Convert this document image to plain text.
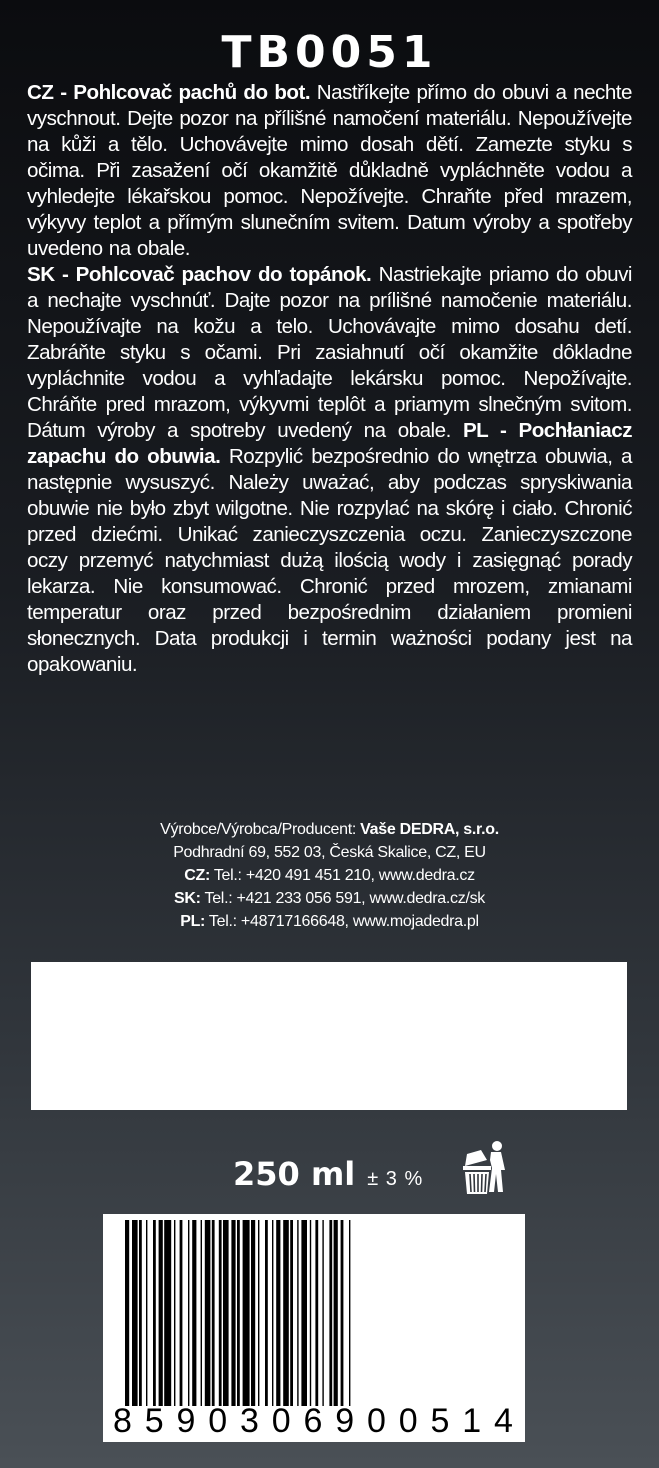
TB0051
CZ - Pohlcovač pachů do bot. Nastříkejte přímo do obuvi a nechte vyschnout. Dejte pozor na přílišné namočení materiálu. Nepoužívejte na kůži a tělo. Uchovávejte mimo dosah dětí. Zamezte styku s očima. Při zasažení očí okamžitě důkladně vypláchněte vodou a vyhledejte lékařskou pomoc. Nepožívejte. Chraňte před mrazem, výkyvy teplot a přímým slunečním svitem. Datum výroby a spotřeby uvedeno na obale.
SK - Pohlcovač pachov do topánok. Nastriekajte priamo do obuvi a nechajte vyschnúť. Dajte pozor na prílišné namočenie materiálu. Nepoužívajte na kožu a telo. Uchovávajte mimo dosahu detí. Zabráňte styku s očami. Pri zasiahnutí očí okamžite dôkladne vypláchnite vodou a vyhľadajte lekársku pomoc. Nepožívajte. Chráňte pred mrazom, výkyvmi teplôt a priamym slnečným svitom. Dátum výroby a spotreby uvedený na obale. PL - Pochłaniacz zapachu do obuwia. Rozpylić bezpośrednio do wnętrza obuwia, a następnie wysuszyć. Należy uważać, aby podczas spryskiwania obuwie nie było zbyt wilgotne. Nie rozpylać na skórę i ciało. Chronić przed dziećmi. Unikać zanieczyszczenia oczu. Zanieczyszczone oczy przemyć natychmiast dużą ilością wody i zasięgnąć porady lekarza. Nie konsumować. Chronić przed mrozem, zmianami temperatur oraz przed bezpośrednim działaniem promieni słonecznych. Data produkcji i termin ważności podany jest na opakowaniu.
Výrobce/Výrobca/Producent: Vaše DEDRA, s.r.o.
Podhradní 69, 552 03, Česká Skalice, CZ, EU
CZ: Tel.: +420 491 451 210, www.dedra.cz
SK: Tel.: +421 233 056 591, www.dedra.cz/sk
PL: Tel.: +48717166648, www.mojadedra.pl
250 ml ± 3 %
8 5 9 0 3 0 6 9 0 0 5 1 4
